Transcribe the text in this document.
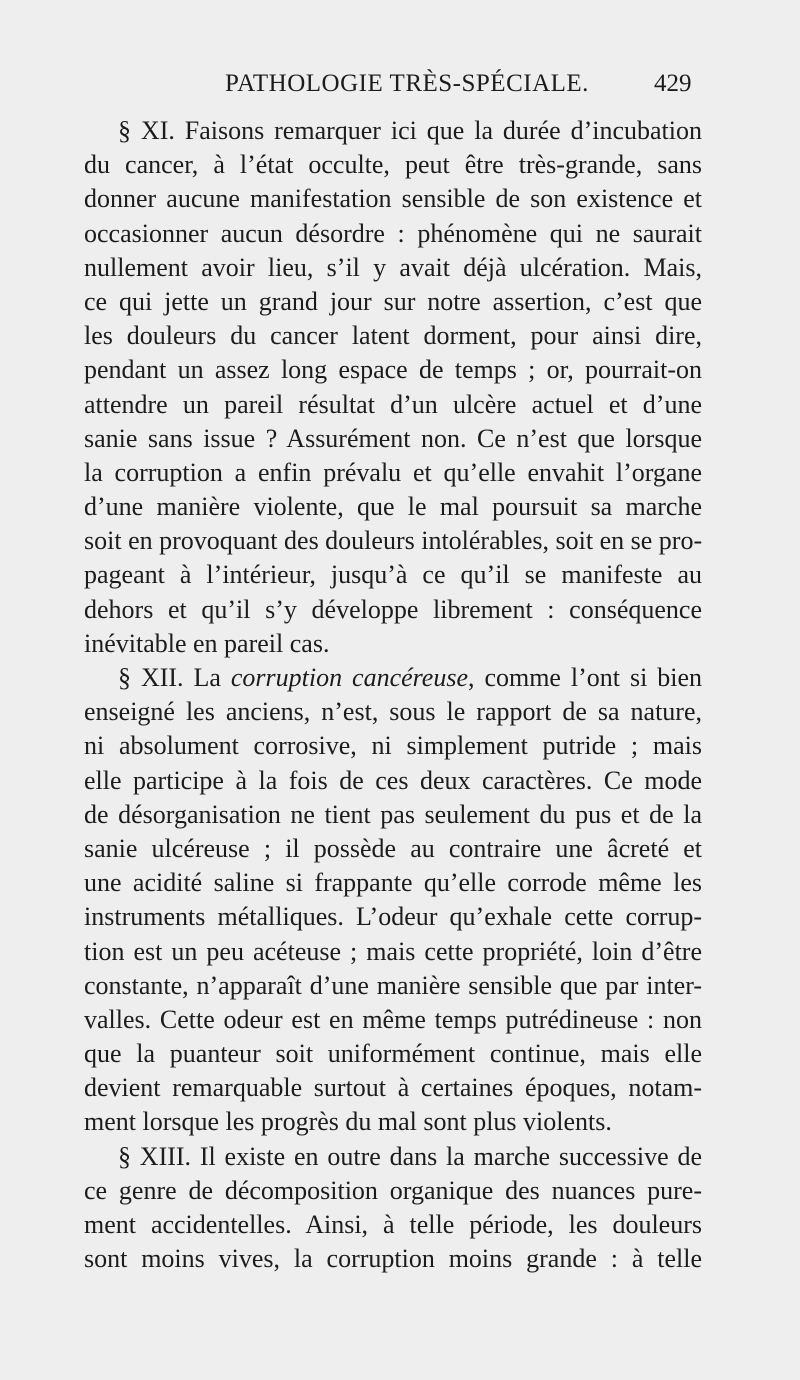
PATHOLOGIE TRÈS-SPÉCIALE.	429
§ XI. Faisons remarquer ici que la durée d’incubation
du cancer, à l’état occulte, peut être très-grande, sans
donner aucune manifestation sensible de son existence et
occasionner aucun désordre : phénomène qui ne saurait
nullement avoir lieu, s’il y avait déjà ulcération. Mais,
ce qui jette un grand jour sur notre assertion, c’est que
les douleurs du cancer latent dorment, pour ainsi dire,
pendant un assez long espace de temps ; or, pourrait-on
attendre un pareil résultat d’un ulcère actuel et d’une
sanie sans issue ? Assurément non. Ce n’est que lorsque
la corruption a enfin prévalu et qu’elle envahit l’organe
d’une manière violente, que le mal poursuit sa marche
soit en provoquant des douleurs intolérables, soit en se pro-
pageant à l’intérieur, jusqu’à ce qu’il se manifeste au
dehors et qu’il s’y développe librement : conséquence
inévitable en pareil cas.
§ XII. La corruption cancéreuse, comme l’ont si bien
enseigné les anciens, n’est, sous le rapport de sa nature,
ni absolument corrosive, ni simplement putride ; mais
elle participe à la fois de ces deux caractères. Ce mode
de désorganisation ne tient pas seulement du pus et de la
sanie ulcéreuse ; il possède au contraire une âcreté et
une acidité saline si frappante qu’elle corrode même les
instruments métalliques. L’odeur qu’exhale cette corrup-
tion est un peu acéteuse ; mais cette propriété, loin d’être
constante, n’apparaît d’une manière sensible que par inter-
valles. Cette odeur est en même temps putrédineuse : non
que la puanteur soit uniformément continue, mais elle
devient remarquable surtout à certaines époques, notam-
ment lorsque les progrès du mal sont plus violents.
§ XIII. Il existe en outre dans la marche successive de
ce genre de décomposition organique des nuances pure-
ment accidentelles. Ainsi, à telle période, les douleurs
sont moins vives, la corruption moins grande : à telle
